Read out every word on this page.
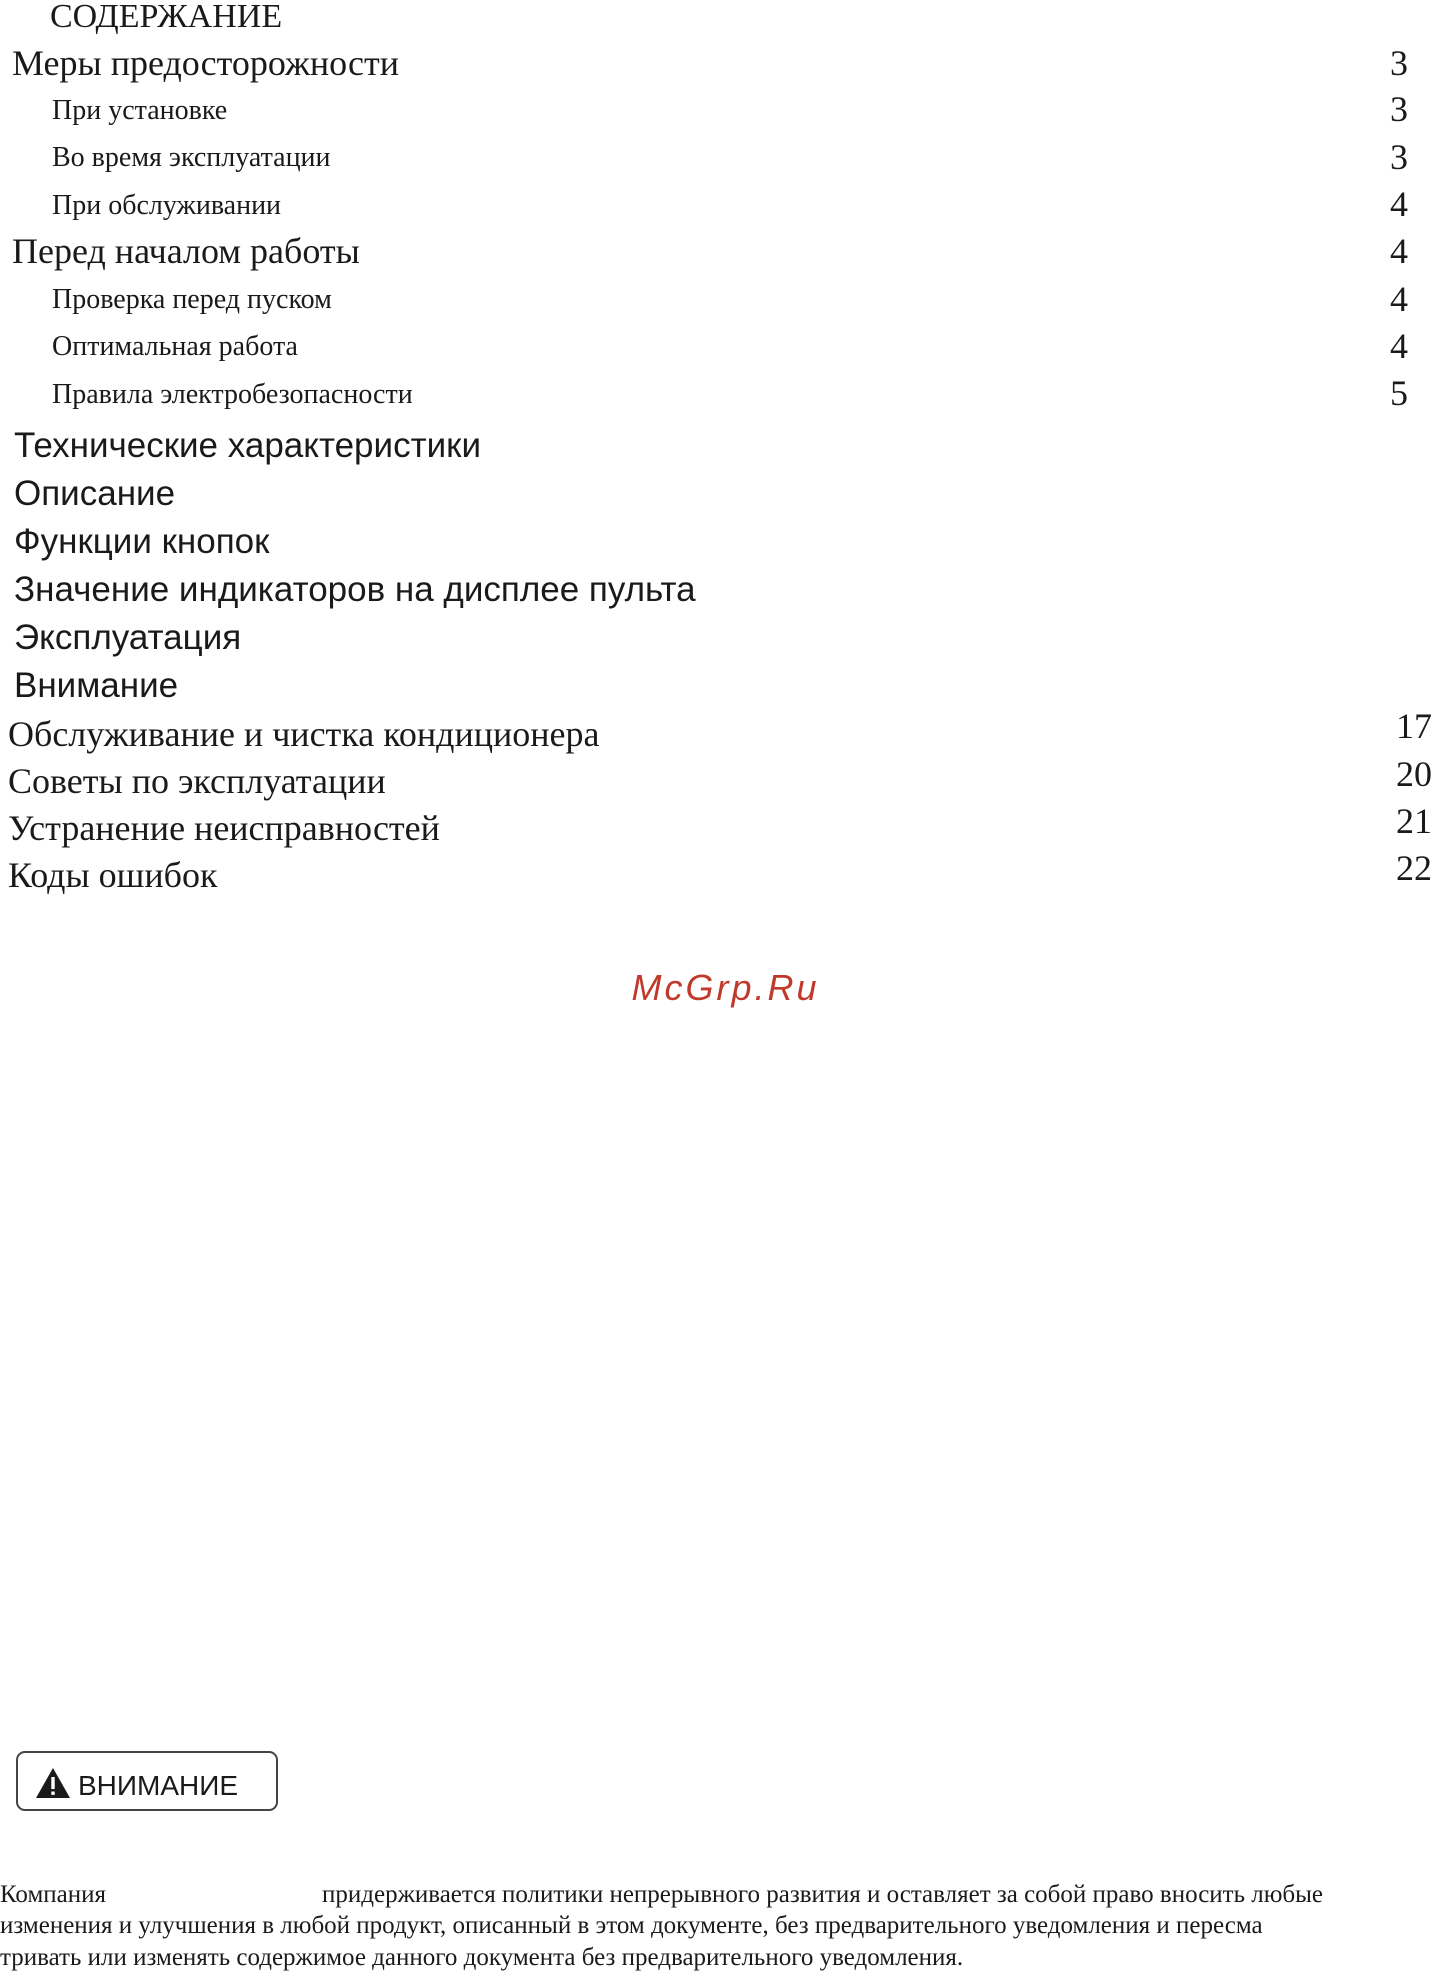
СОДЕРЖАНИЕ
Меры предосторожности	3
При установке	3
Во время эксплуатации	3
При обслуживании	4
Перед началом работы	4
Проверка перед пуском	4
Оптимальная работа	4
Правила электробезопасности	5
Технические характеристики
Описание
Функции кнопок
Значение индикаторов на дисплее пульта
Эксплуатация
Внимание
Обслуживание и чистка кондиционера	17
Советы по эксплуатации	20
Устранение неисправностей	21
Коды ошибок	22
McGrp.Ru
ВНИМАНИЕ
Компания	придерживается политики непрерывного развития и оставляет за собой право вносить любые
изменения и улучшения в любой продукт, описанный в этом документе, без предварительного уведомления и пересма
тривать или изменять содержимое данного документа без предварительного уведомления.
